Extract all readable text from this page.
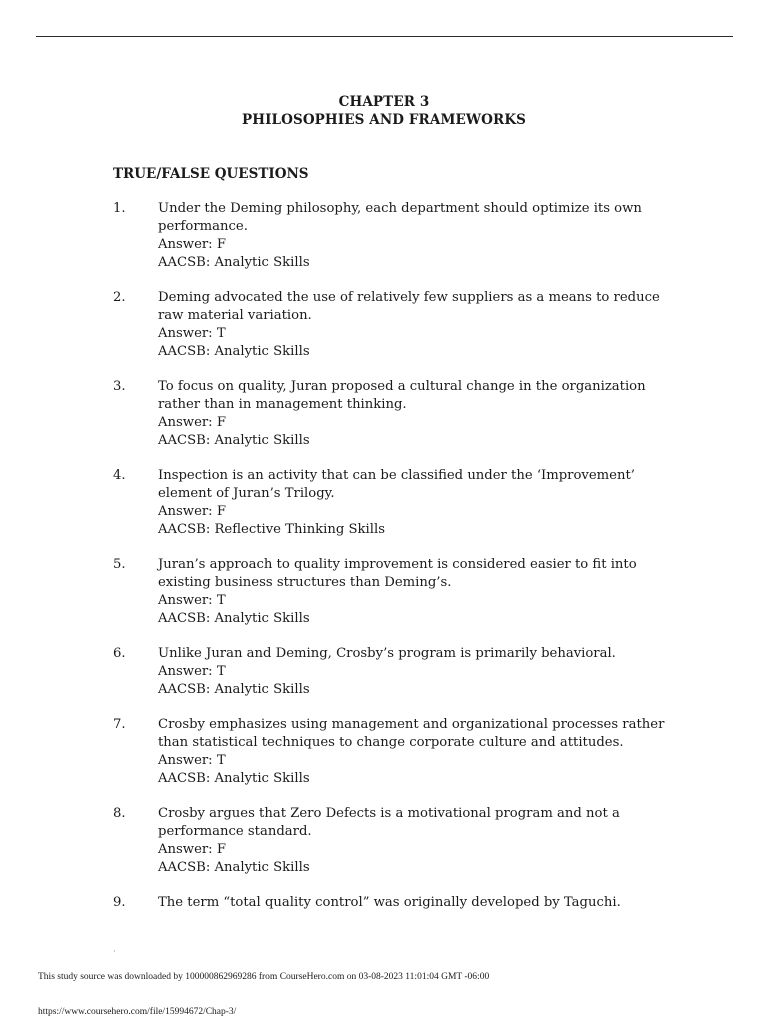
CHAPTER 3
PHILOSOPHIES AND FRAMEWORKS
TRUE/FALSE QUESTIONS
1.	Under the Deming philosophy, each department should optimize its own performance.
Answer: F
AACSB: Analytic Skills
2.	Deming advocated the use of relatively few suppliers as a means to reduce raw material variation.
Answer: T
AACSB: Analytic Skills
3.	To focus on quality, Juran proposed a cultural change in the organization rather than in management thinking.
Answer: F
AACSB: Analytic Skills
4.	Inspection is an activity that can be classified under the ‘Improvement’ element of Juran’s Trilogy.
Answer: F
AACSB: Reflective Thinking Skills
5.	Juran’s approach to quality improvement is considered easier to fit into existing business structures than Deming’s.
Answer: T
AACSB: Analytic Skills
6.	Unlike Juran and Deming, Crosby’s program is primarily behavioral.
Answer: T
AACSB: Analytic Skills
7.	Crosby emphasizes using management and organizational processes rather than statistical techniques to change corporate culture and attitudes.
Answer: T
AACSB: Analytic Skills
8.	Crosby argues that Zero Defects is a motivational program and not a performance standard.
Answer: F
AACSB: Analytic Skills
9.	The term “total quality control” was originally developed by Taguchi.
·
This study source was downloaded by 100000862969286 from CourseHero.com on 03-08-2023 11:01:04 GMT -06:00
https://www.coursehero.com/file/15994672/Chap-3/
